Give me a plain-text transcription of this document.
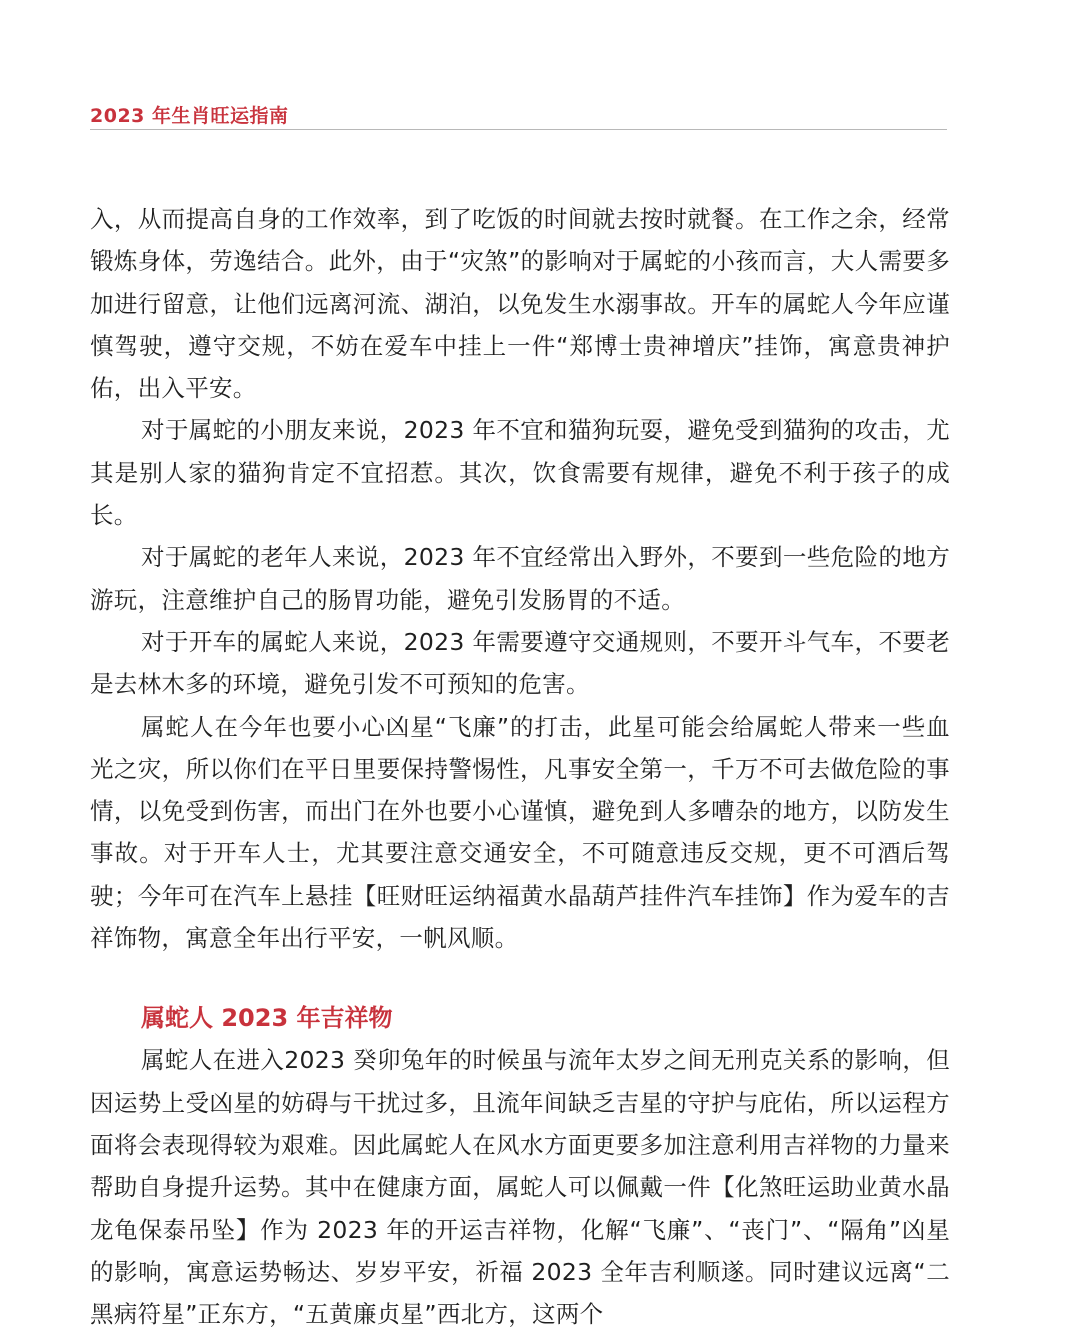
2023 年生肖旺运指南

入，从而提高自身的工作效率，到了吃饭的时间就去按时就餐。在工作之余，经常锻炼身体，劳逸结合。此外，由于“灾煞”的影响对于属蛇的小孩而言，大人需要多加进行留意，让他们远离河流、湖泊，以免发生水溺事故。开车的属蛇人今年应谨慎驾驶，遵守交规，不妨在爱车中挂上一件“郑博士贵神增庆”挂饰，寓意贵神护佑，出入平安。

对于属蛇的小朋友来说，2023 年不宜和猫狗玩耍，避免受到猫狗的攻击，尤其是别人家的猫狗肯定不宜招惹。其次，饮食需要有规律，避免不利于孩子的成长。

对于属蛇的老年人来说，2023 年不宜经常出入野外，不要到一些危险的地方游玩，注意维护自己的肠胃功能，避免引发肠胃的不适。

对于开车的属蛇人来说，2023 年需要遵守交通规则，不要开斗气车，不要老是去林木多的环境，避免引发不可预知的危害。

属蛇人在今年也要小心凶星“飞廉”的打击，此星可能会给属蛇人带来一些血光之灾，所以你们在平日里要保持警惕性，凡事安全第一，千万不可去做危险的事情，以免受到伤害，而出门在外也要小心谨慎，避免到人多嘈杂的地方，以防发生事故。对于开车人士，尤其要注意交通安全，不可随意违反交规，更不可酒后驾驶；今年可在汽车上悬挂【旺财旺运纳福黄水晶葫芦挂件汽车挂饰】作为爱车的吉祥饰物，寓意全年出行平安，一帆风顺。

属蛇人 2023 年吉祥物

属蛇人在进入2023 癸卯兔年的时候虽与流年太岁之间无刑克关系的影响，但因运势上受凶星的妨碍与干扰过多，且流年间缺乏吉星的守护与庇佑，所以运程方面将会表现得较为艰难。因此属蛇人在风水方面更要多加注意利用吉祥物的力量来帮助自身提升运势。其中在健康方面，属蛇人可以佩戴一件【化煞旺运助业黄水晶龙龟保泰吊坠】作为 2023 年的开运吉祥物，化解“飞廉”、“丧门”、“隔角”凶星的影响，寓意运势畅达、岁岁平安，祈福 2023 全年吉利顺遂。同时建议远离“二黑病符星”正东方，“五黄廉贞星”西北方，这两个
